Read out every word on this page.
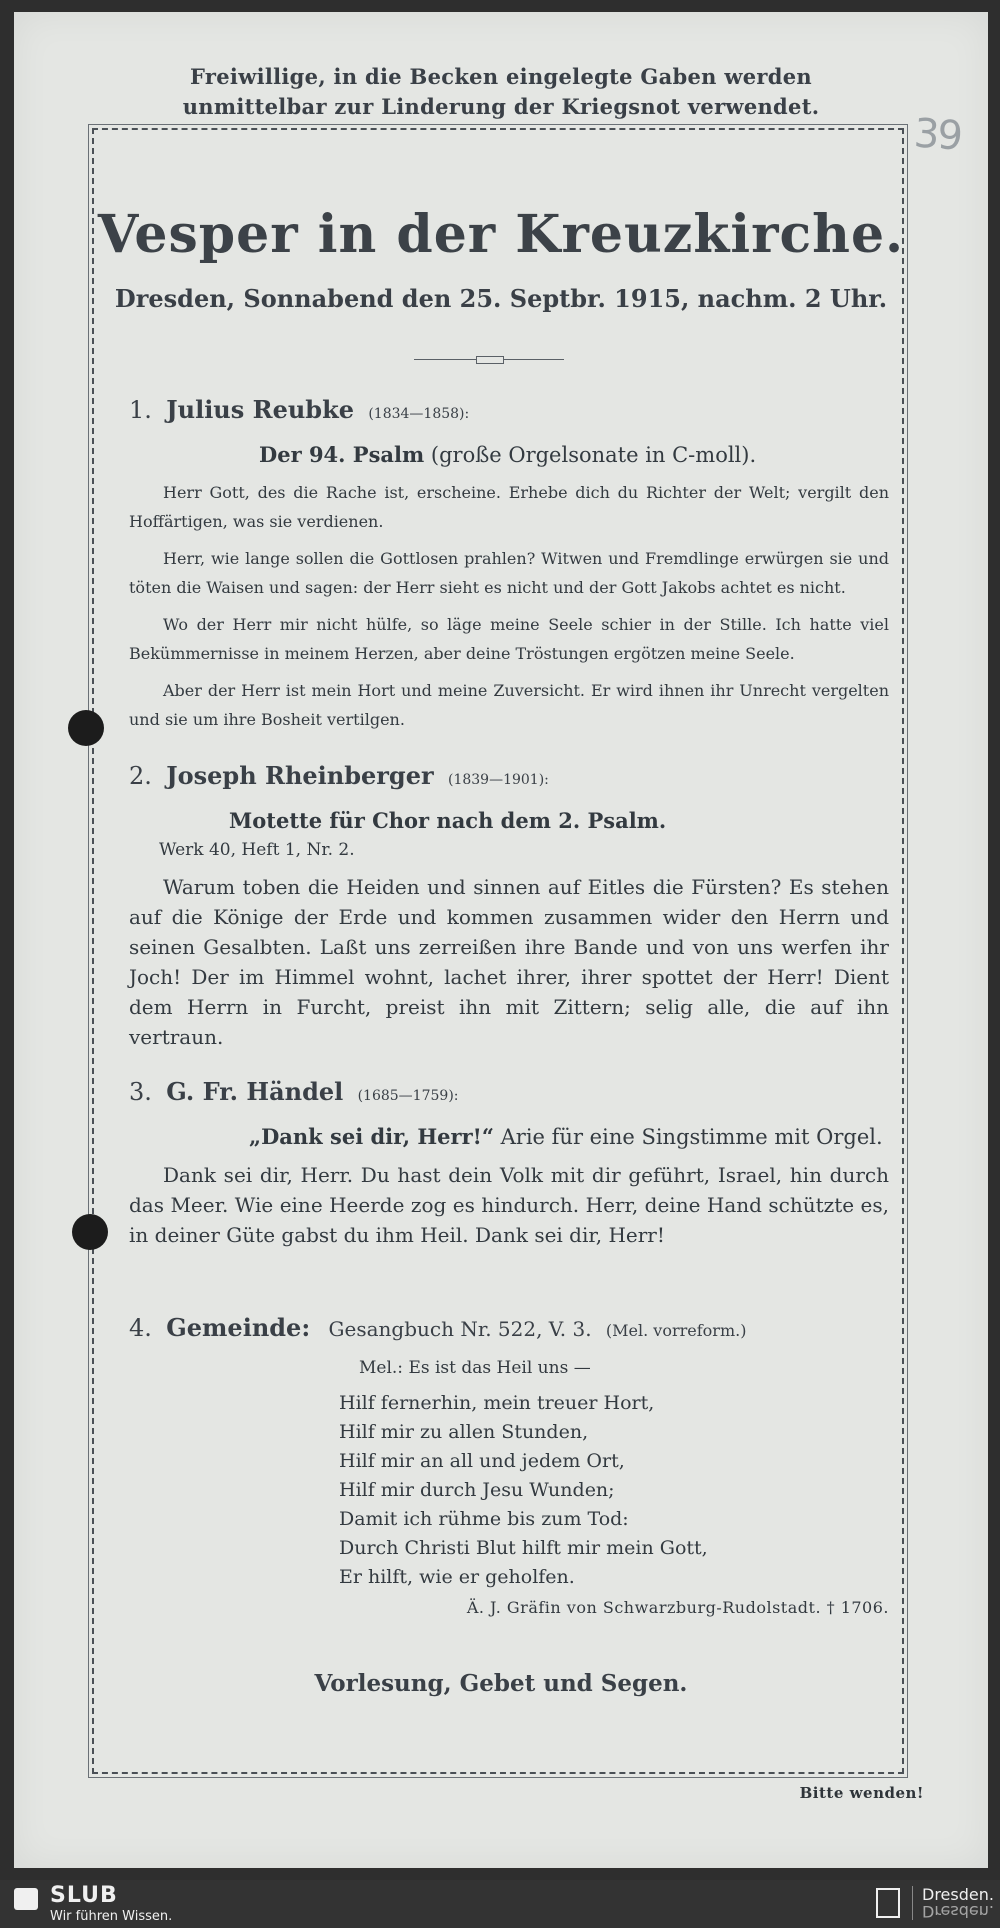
Freiwillige, in die Becken eingelegte Gaben werden
unmittelbar zur Linderung der Kriegsnot verwendet.
39
Vesper in der Kreuzkirche.
Dresden, Sonnabend den 25. Septbr. 1915, nachm. 2 Uhr.
1. Julius Reubke (1834—1858):
Der 94. Psalm (große Orgelsonate in C-moll).

Herr Gott, des die Rache ist, erscheine. Erhebe dich du Richter der Welt; vergilt den Hoffärtigen, was sie verdienen.

Herr, wie lange sollen die Gottlosen prahlen? Witwen und Fremdlinge erwürgen sie und töten die Waisen und sagen: der Herr sieht es nicht und der Gott Jakobs achtet es nicht.

Wo der Herr mir nicht hülfe, so läge meine Seele schier in der Stille. Ich hatte viel Bekümmernisse in meinem Herzen, aber deine Tröstungen ergötzen meine Seele.

Aber der Herr ist mein Hort und meine Zuversicht. Er wird ihnen ihr Unrecht vergelten und sie um ihre Bosheit vertilgen.

2. Joseph Rheinberger (1839—1901):
Motette für Chor nach dem 2. Psalm.
Werk 40, Heft 1, Nr. 2.

Warum toben die Heiden und sinnen auf Eitles die Fürsten? Es stehen auf die Könige der Erde und kommen zusammen wider den Herrn und seinen Gesalbten. Laßt uns zerreißen ihre Bande und von uns werfen ihr Joch! Der im Himmel wohnt, lachet ihrer, ihrer spottet der Herr! Dient dem Herrn in Furcht, preist ihn mit Zittern; selig alle, die auf ihn vertraun.

3. G. Fr. Händel (1685—1759):
„Dank sei dir, Herr!“ Arie für eine Singstimme mit Orgel.

Dank sei dir, Herr. Du hast dein Volk mit dir geführt, Israel, hin durch das Meer. Wie eine Heerde zog es hindurch. Herr, deine Hand schützte es, in deiner Güte gabst du ihm Heil. Dank sei dir, Herr!

4. Gemeinde: Gesangbuch Nr. 522, V. 3. (Mel. vorreform.)
Mel.: Es ist das Heil uns —
Hilf fernerhin, mein treuer Hort,
Hilf mir zu allen Stunden,
Hilf mir an all und jedem Ort,
Hilf mir durch Jesu Wunden;
Damit ich rühme bis zum Tod:
Durch Christi Blut hilft mir mein Gott,
Er hilft, wie er geholfen.
Ä. J. Gräfin von Schwarzburg-Rudolstadt. † 1706.
Vorlesung, Gebet und Segen.
Bitte wenden!
SLUB
Wir führen Wissen.
Dresden.
Dresden.
